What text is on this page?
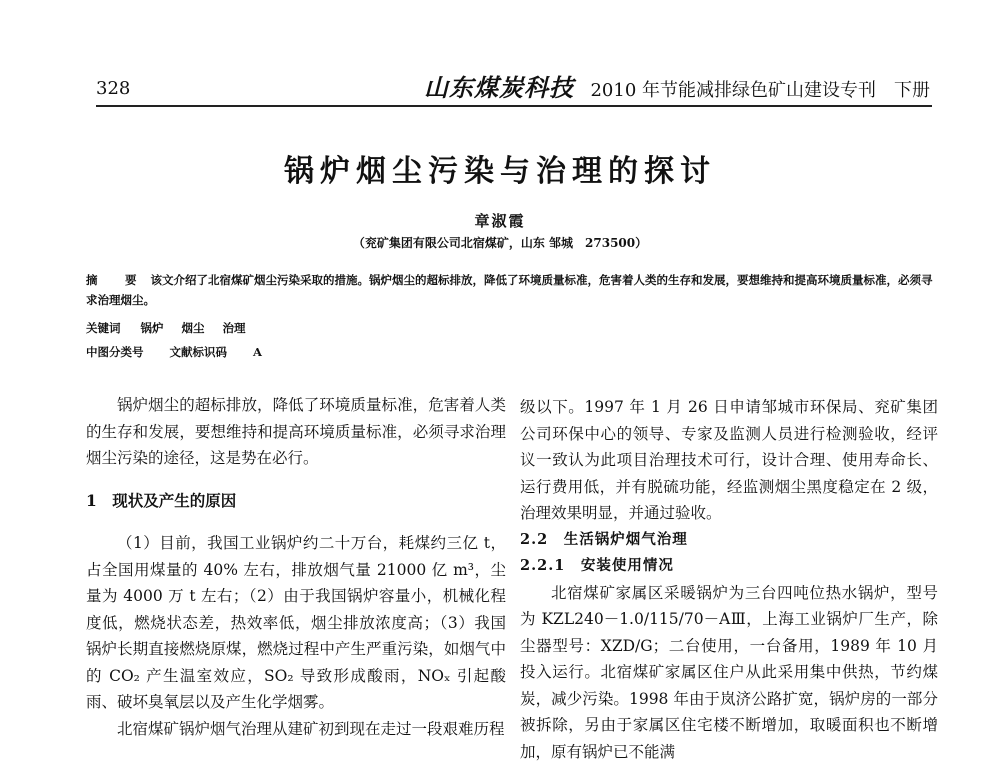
328	山东煤炭科技 2010 年节能减排绿色矿山建设专刊　下册
锅炉烟尘污染与治理的探讨
章淑霞
（兖矿集团有限公司北宿煤矿，山东 邹城　273500）
摘　要 该文介绍了北宿煤矿烟尘污染采取的措施。锅炉烟尘的超标排放，降低了环境质量标准，危害着人类的生存和发展，要想维持和提高环境质量标准，必须寻求治理烟尘。
关键词 锅炉 烟尘 治理
中图分类号 文献标识码 A

锅炉烟尘的超标排放，降低了环境质量标准，危害着人类的生存和发展，要想维持和提高环境质量标准，必须寻求治理烟尘污染的途径，这是势在必行。

1　现状及产生的原因

（1）目前，我国工业锅炉约二十万台，耗煤约三亿 t，占全国用煤量的 40% 左右，排放烟气量 21000 亿 m³，尘量为 4000 万 t 左右；（2）由于我国锅炉容量小，机械化程度低，燃烧状态差，热效率低，烟尘排放浓度高；（3）我国锅炉长期直接燃烧原煤，燃烧过程中产生严重污染，如烟气中的 CO₂ 产生温室效应，SO₂ 导致形成酸雨，NOₓ 引起酸雨、破坏臭氧层以及产生化学烟雾。

北宿煤矿锅炉烟气治理从建矿初到现在走过一段艰难历程

级以下。1997 年 1 月 26 日申请邹城市环保局、兖矿集团公司环保中心的领导、专家及监测人员进行检测验收，经评议一致认为此项目治理技术可行，设计合理、使用寿命长、运行费用低，并有脱硫功能，经监测烟尘黑度稳定在 2 级，治理效果明显，并通过验收。

2.2　生活锅炉烟气治理

2.2.1　安装使用情况

北宿煤矿家属区采暖锅炉为三台四吨位热水锅炉，型号为 KZL240－1.0/115/70－AⅢ，上海工业锅炉厂生产，除尘器型号：XZD/G；二台使用，一台备用，1989 年 10 月投入运行。北宿煤矿家属区住户从此采用集中供热，节约煤炭，减少污染。1998 年由于岚济公路扩宽，锅炉房的一部分被拆除，另由于家属区住宅楼不断增加，取暖面积也不断增加，原有锅炉已不能满
